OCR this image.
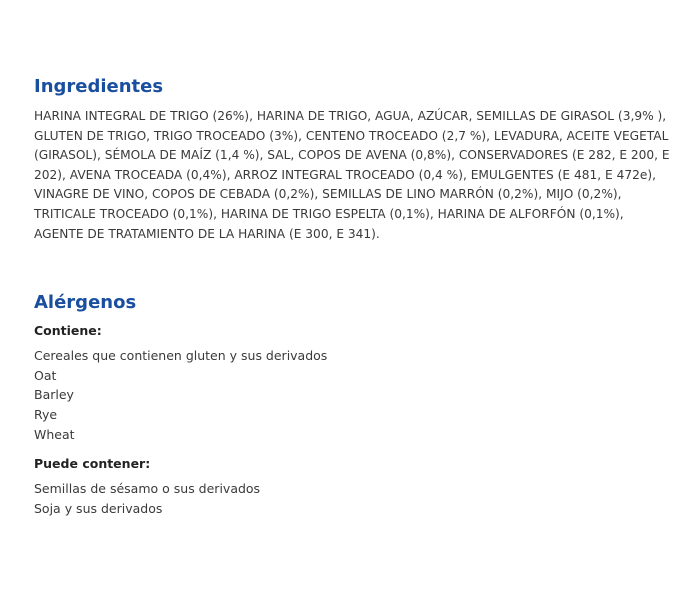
Ingredientes

HARINA INTEGRAL DE TRIGO (26%), HARINA DE TRIGO, AGUA, AZÚCAR, SEMILLAS DE GIRASOL (3,9% ), GLUTEN DE TRIGO, TRIGO TROCEADO (3%), CENTENO TROCEADO (2,7 %), LEVADURA, ACEITE VEGETAL (GIRASOL), SÉMOLA DE MAÍZ (1,4 %), SAL, COPOS DE AVENA (0,8%), CONSERVADORES (E 282, E 200, E 202), AVENA TROCEADA (0,4%), ARROZ INTEGRAL TROCEADO (0,4 %), EMULGENTES (E 481, E 472e), VINAGRE DE VINO, COPOS DE CEBADA (0,2%), SEMILLAS DE LINO MARRÓN (0,2%), MIJO (0,2%), TRITICALE TROCEADO (0,1%), HARINA DE TRIGO ESPELTA (0,1%), HARINA DE ALFORFÓN (0,1%), AGENTE DE TRATAMIENTO DE LA HARINA (E 300, E 341).

Alérgenos

Contiene:

Cereales que contienen gluten y sus derivados
Oat
Barley
Rye
Wheat

Puede contener:

Semillas de sésamo o sus derivados
Soja y sus derivados
